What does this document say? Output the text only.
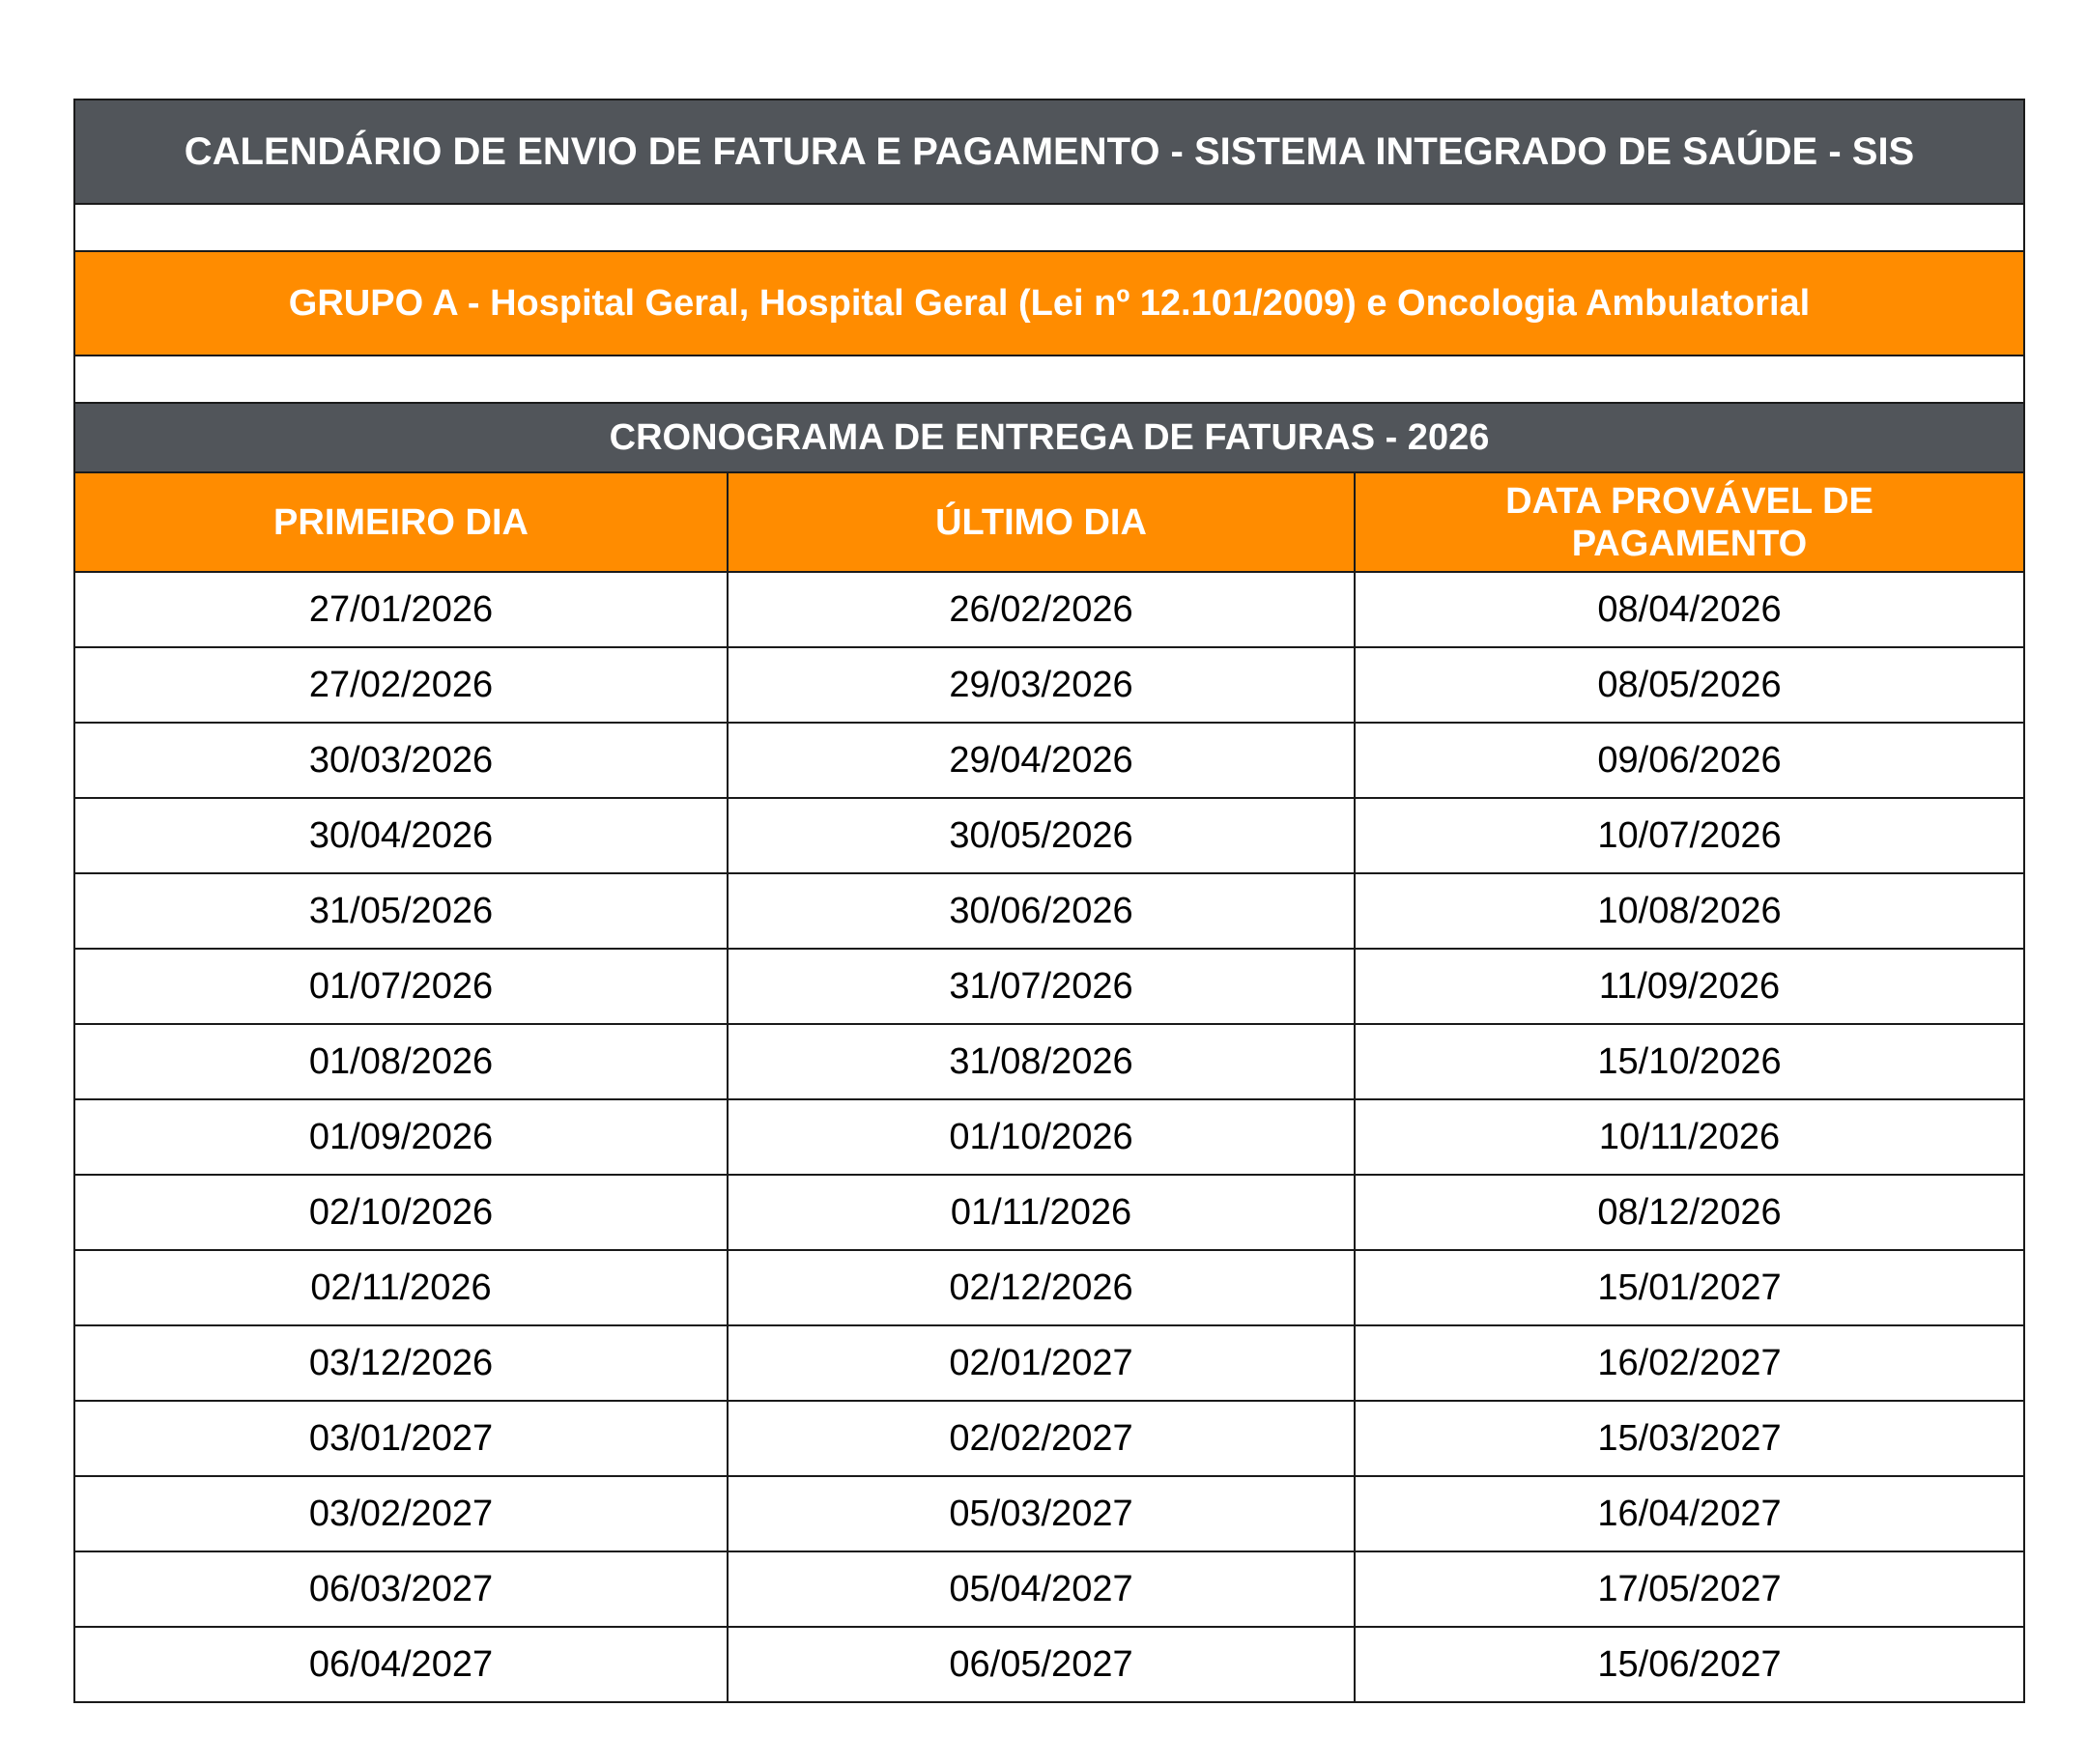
CALENDÁRIO DE ENVIO DE FATURA E PAGAMENTO - SISTEMA INTEGRADO DE SAÚDE - SIS		

GRUPO A - Hospital Geral, Hospital Geral (Lei nº 12.101/2009) e Oncologia Ambulatorial		

CRONOGRAMA DE ENTREGA DE FATURAS - 2026		
PRIMEIRO DIA	ÚLTIMO DIA	DATA PROVÁVEL DE PAGAMENTO
27/01/2026	26/02/2026	08/04/2026
27/02/2026	29/03/2026	08/05/2026
30/03/2026	29/04/2026	09/06/2026
30/04/2026	30/05/2026	10/07/2026
31/05/2026	30/06/2026	10/08/2026
01/07/2026	31/07/2026	11/09/2026
01/08/2026	31/08/2026	15/10/2026
01/09/2026	01/10/2026	10/11/2026
02/10/2026	01/11/2026	08/12/2026
02/11/2026	02/12/2026	15/01/2027
03/12/2026	02/01/2027	16/02/2027
03/01/2027	02/02/2027	15/03/2027
03/02/2027	05/03/2027	16/04/2027
06/03/2027	05/04/2027	17/05/2027
06/04/2027	06/05/2027	15/06/2027
